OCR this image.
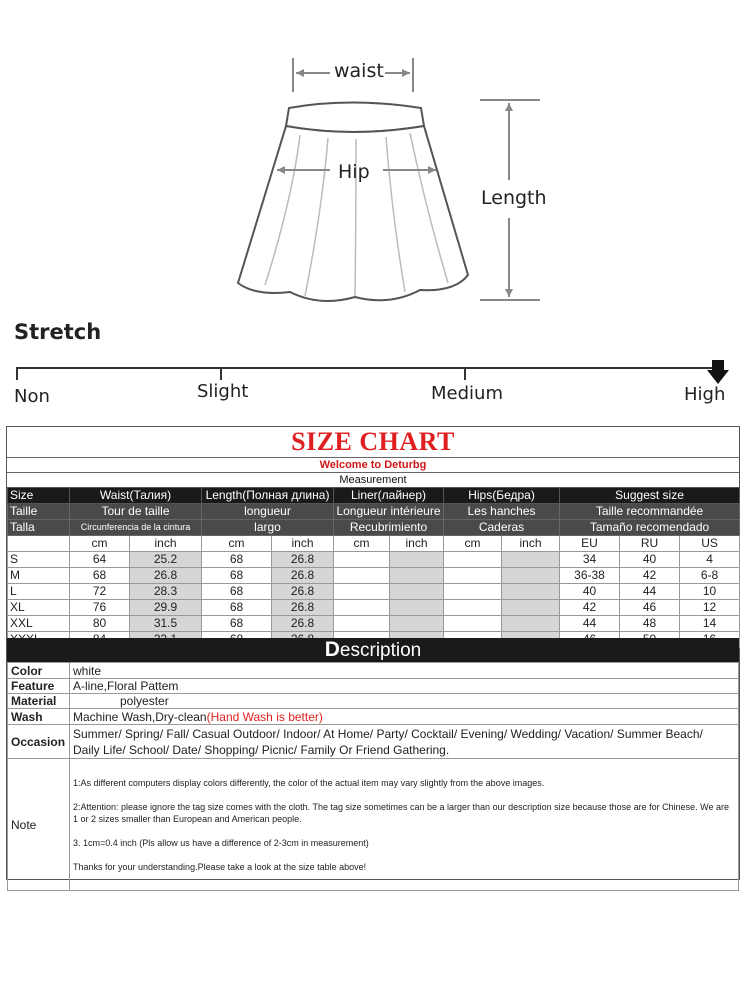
waist
Hip
Length
Stretch
Non	Slight	Medium	High
SIZE CHART
Welcome to Deturbg
Measurement
Size	Waist(Талия)		Length(Полная длина)		Liner(лайнер)		Hips(Бедра)		Suggest size		
Taille	Tour de taille		longueur		Longueur intérieure		Les hanches		Taille recommandée		
Talla	Circunferencia de la cintura		largo		Recubrimiento		Caderas		Tamaño recomendado		
	cm	inch	cm	inch	cm	inch	cm	inch	EU	RU	US
S	64	25.2	68	26.8					34	40	4
M	68	26.8	68	26.8					36-38	42	6-8
L	72	28.3	68	26.8					40	44	10
XL	76	29.9	68	26.8					42	46	12
XXL	80	31.5	68	26.8					44	48	14

Description
Color	white
Feature	A-line,Floral Pattem
Material	polyester
Wash	Machine Wash,Dry-clean(Hand Wash is better)
Occasion	Summer/ Spring/ Fall/ Casual Outdoor/ Indoor/ At Home/ Party/ Cocktail/ Evening/ Wedding/ Vacation/ Summer Beach/
Daily Life/ School/ Date/ Shopping/ Picnic/ Family Or Friend Gathering.

Note	1:As different computers display colors differently, the color of the actual item may vary slightly from the above images.

2:Attention: please ignore the tag size comes with the cloth. The tag size sometimes can be a larger than our description size because those are for Chinese. We are 1 or 2 sizes smaller than European and American people.

3. 1cm=0.4 inch (Pls allow us have a difference of 2-3cm in measurement)

Thanks for your understanding.Please take a look at the size table above!
